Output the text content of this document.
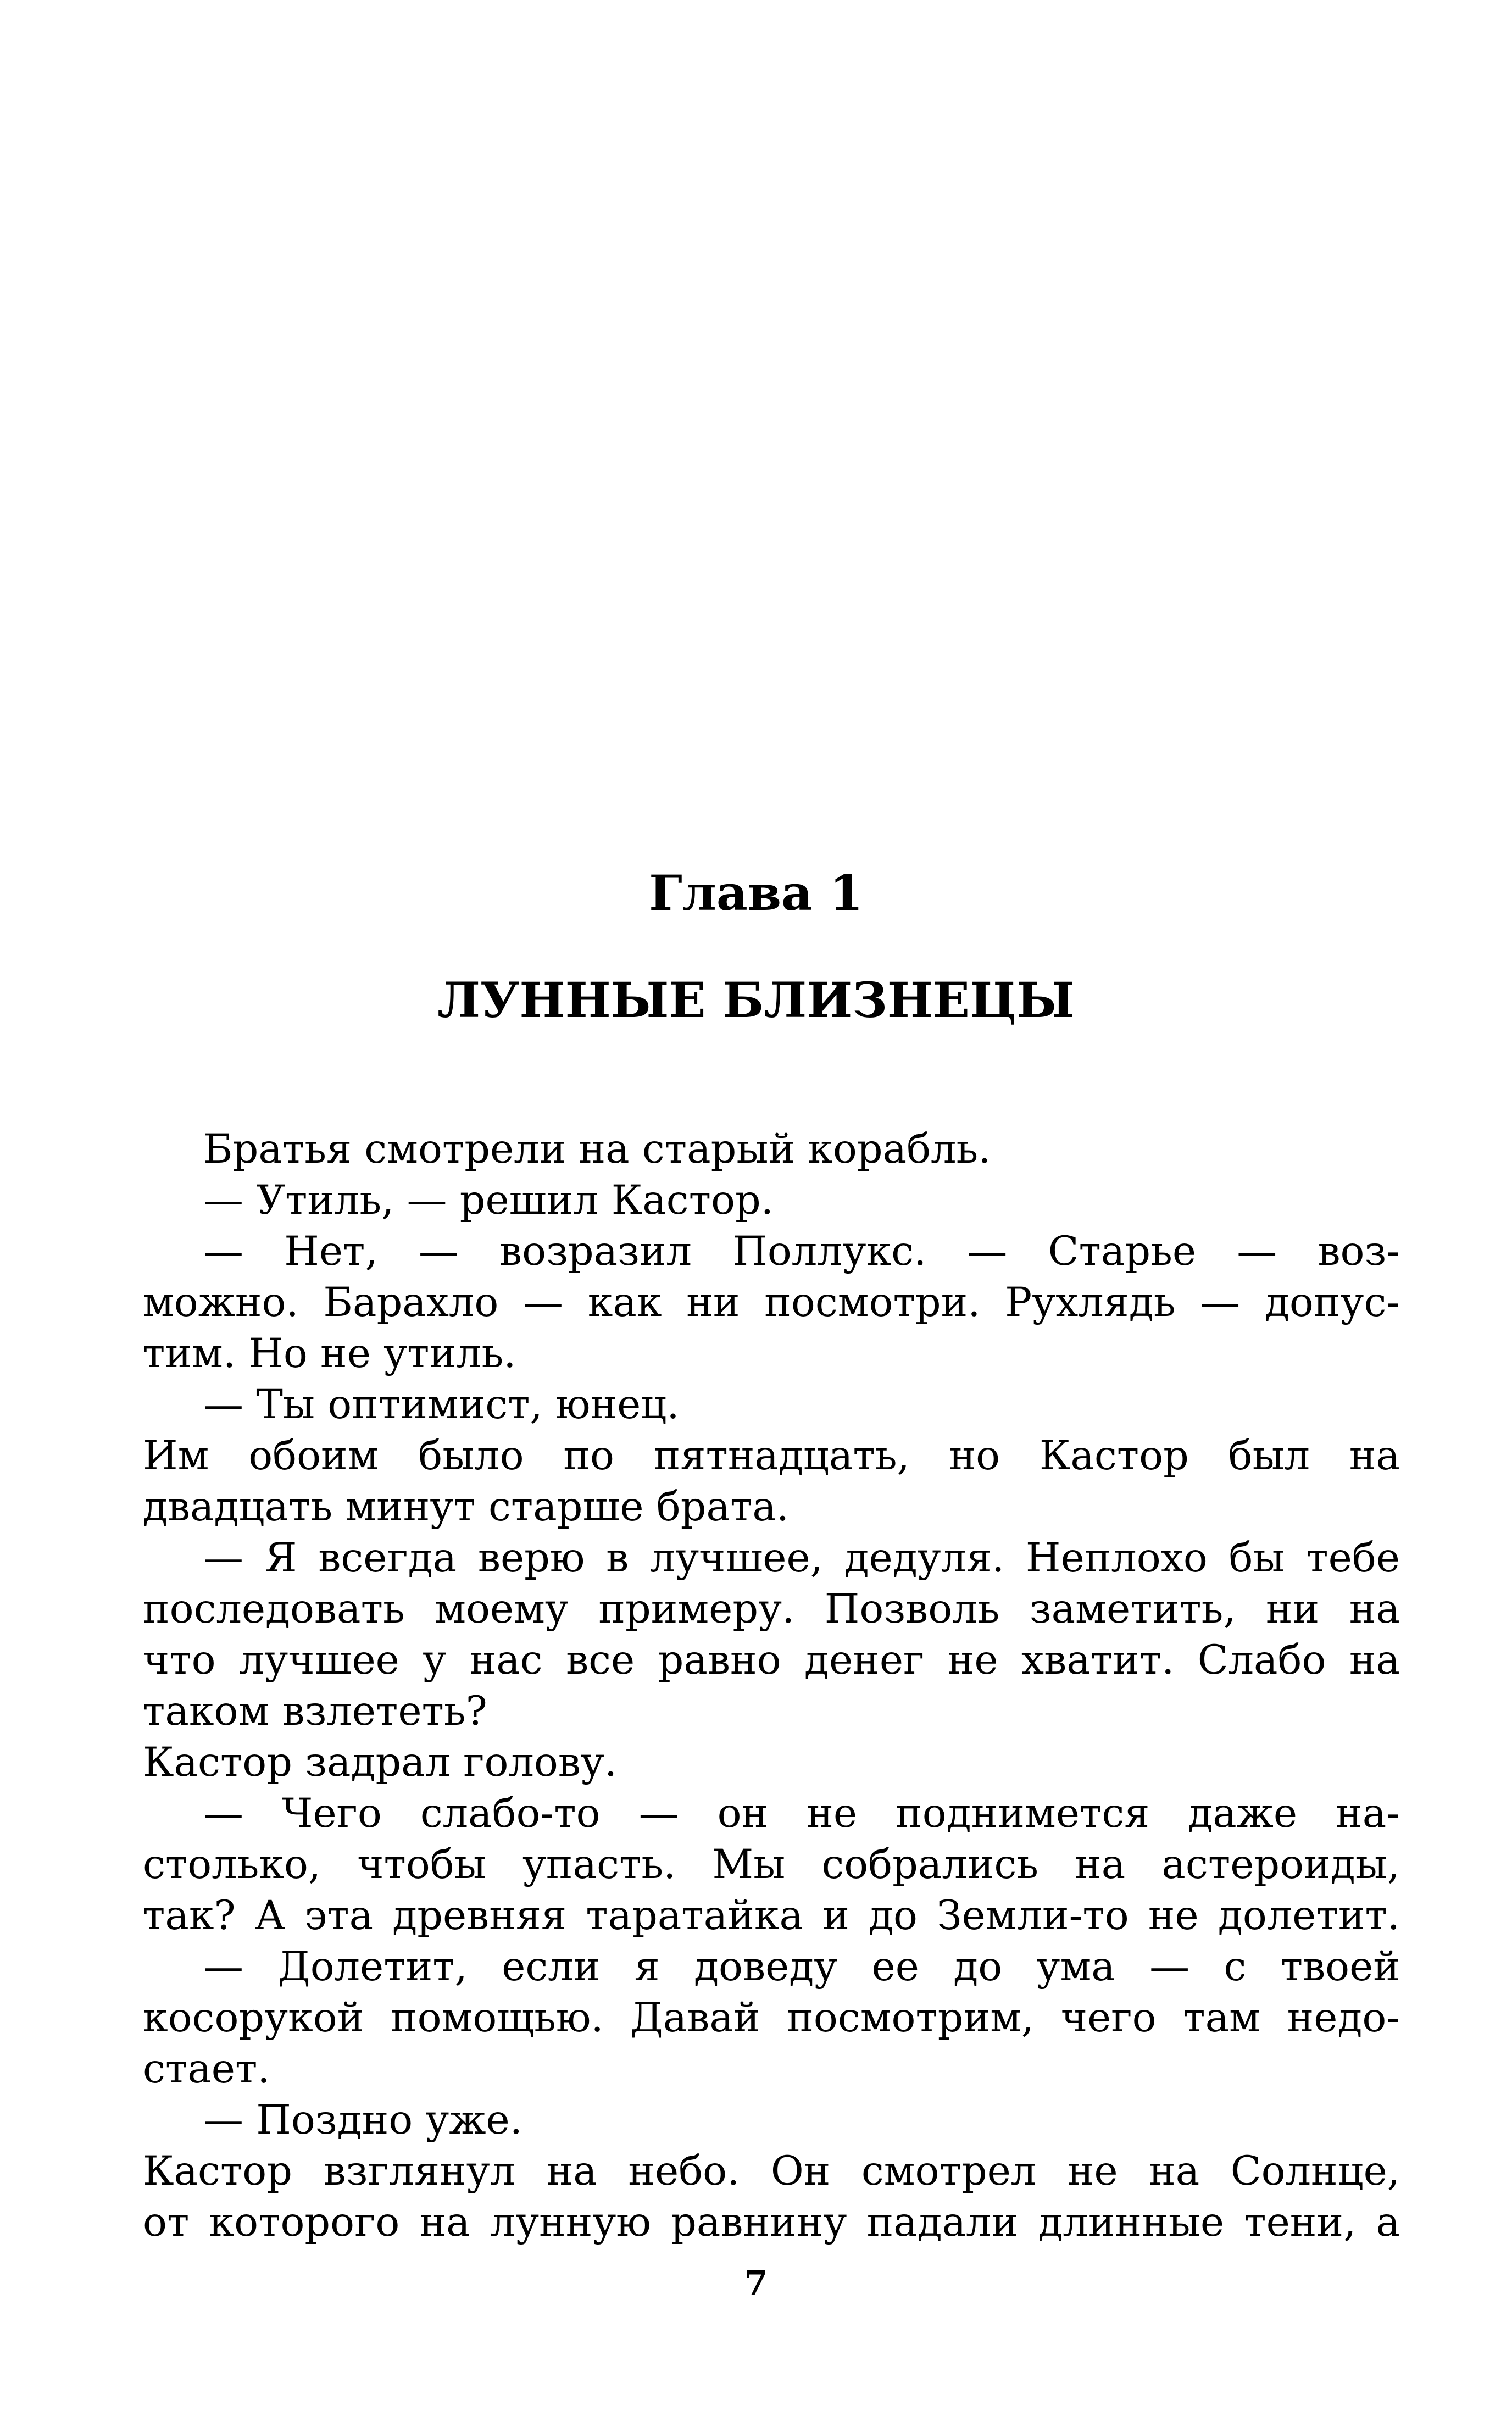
Глава 1
ЛУННЫЕ БЛИЗНЕЦЫ
Братья смотрели на старый корабль.
— Утиль, — решил Кастор.
— Нет, — возразил Поллукс. — Старье — воз-
можно. Барахло — как ни посмотри. Рухлядь — допус-
тим. Но не утиль.
— Ты оптимист, юнец.
Им обоим было по пятнадцать, но Кастор был на
двадцать минут старше брата.
— Я всегда верю в лучшее, дедуля. Неплохо бы тебе
последовать моему примеру. Позволь заметить, ни на
что лучшее у нас все равно денег не хватит. Слабо на
таком взлететь?
Кастор задрал голову.
— Чего слабо-то — он не поднимется даже на-
столько, чтобы упасть. Мы собрались на астероиды,
так? А эта древняя таратайка и до Земли-то не долетит.
— Долетит, если я доведу ее до ума — с твоей
косорукой помощью. Давай посмотрим, чего там недо-
стает.
— Поздно уже.
Кастор взглянул на небо. Он смотрел не на Солнце,
от которого на лунную равнину падали длинные тени, а
7
